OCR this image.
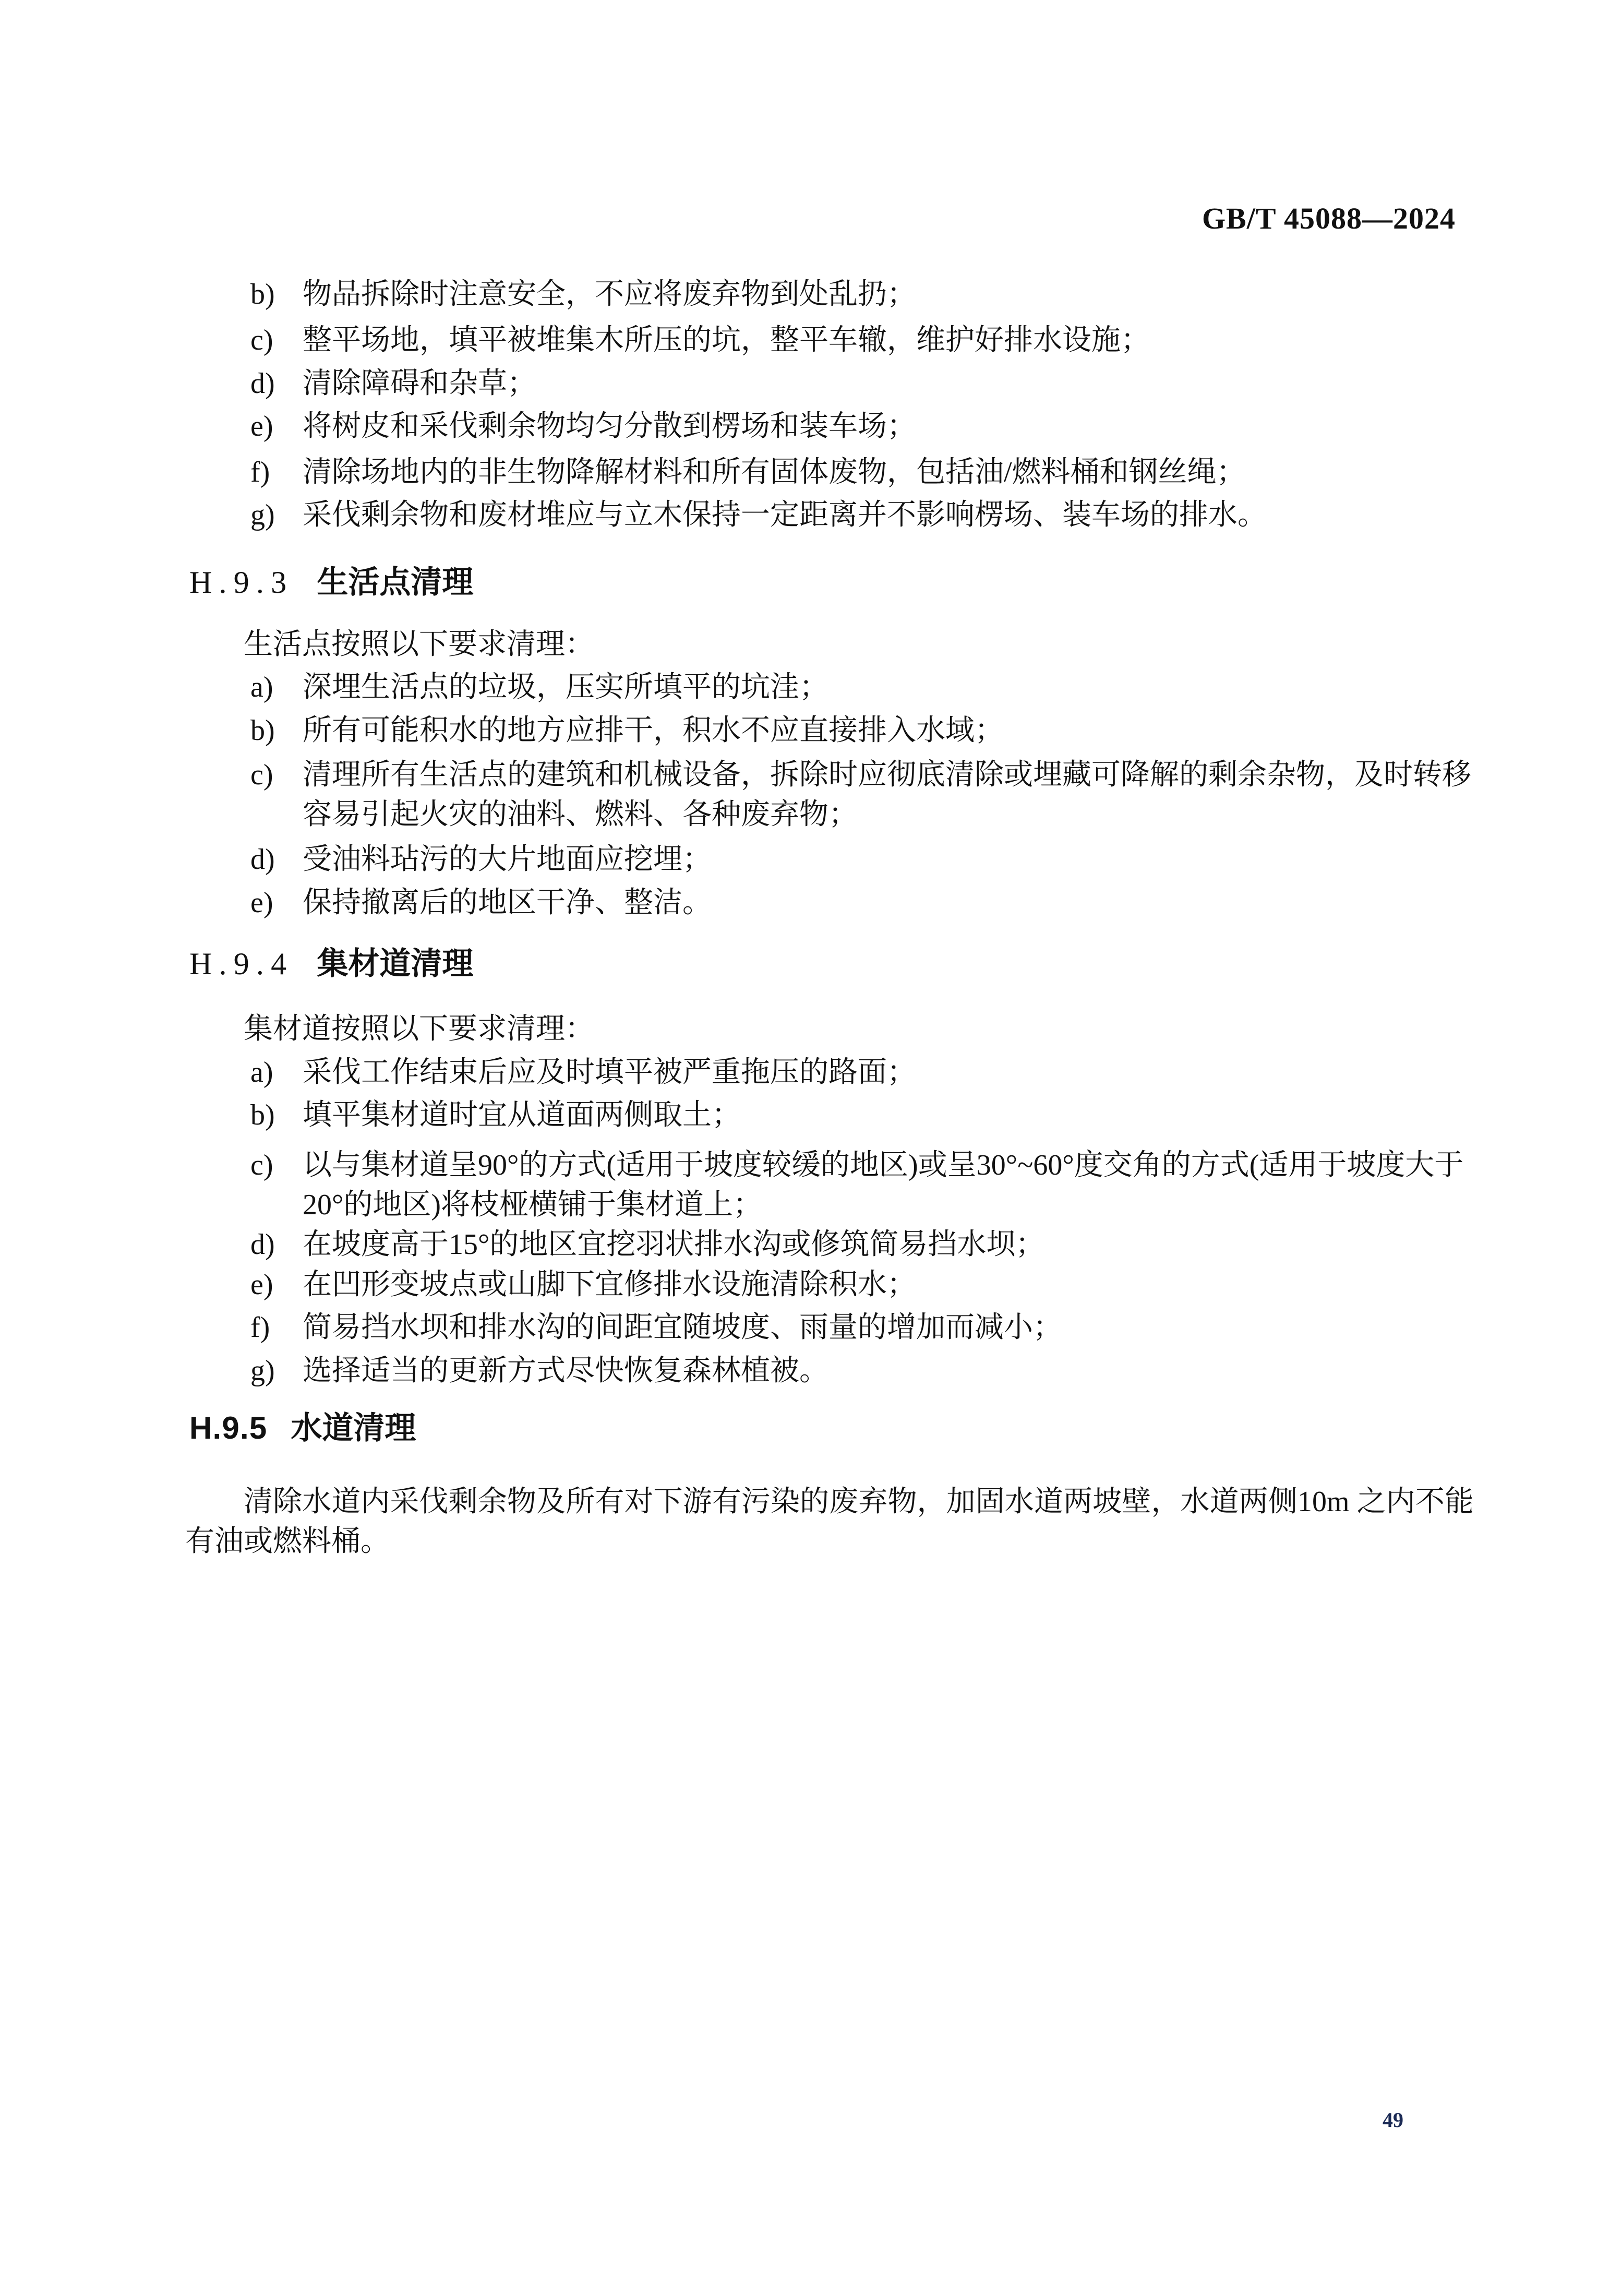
GB/T 45088—2024
b) 物品拆除时注意安全，不应将废弃物到处乱扔；
c)	整平场地，填平被堆集木所压的坑，整平车辙，维护好排水设施；
d) 清除障碍和杂草；
e)	将树皮和采伐剩余物均匀分散到楞场和装车场；
f)	清除场地内的非生物降解材料和所有固体废物，包括油/燃料桶和钢丝绳；
g) 采伐剩余物和废材堆应与立木保持一定距离并不影响楞场、装车场的排水。
H.9.3 生活点清理
生活点按照以下要求清理：
a)	深埋生活点的垃圾，压实所填平的坑洼；
b) 所有可能积水的地方应排干，积水不应直接排入水域；
c)	清理所有生活点的建筑和机械设备，拆除时应彻底清除或埋藏可降解的剩余杂物，及时转移容易引起火灾的油料、燃料、各种废弃物；
d) 受油料玷污的大片地面应挖埋；
e)	保持撤离后的地区干净、整洁。
H.9.4 集材道清理
集材道按照以下要求清理：
a)	采伐工作结束后应及时填平被严重拖压的路面；
b) 填平集材道时宜从道面两侧取土；
c)	以与集材道呈90°的方式(适用于坡度较缓的地区)或呈30°~60°度交角的方式(适用于坡度大于20°的地区)将枝桠横铺于集材道上；
d) 在坡度高于15°的地区宜挖羽状排水沟或修筑简易挡水坝；
e)	在凹形变坡点或山脚下宜修排水设施清除积水；
f)	简易挡水坝和排水沟的间距宜随坡度、雨量的增加而减小；
g) 选择适当的更新方式尽快恢复森林植被。
H.9.5 水道清理
清除水道内采伐剩余物及所有对下游有污染的废弃物，加固水道两坡壁，水道两侧10m 之内不能有油或燃料桶。
49
